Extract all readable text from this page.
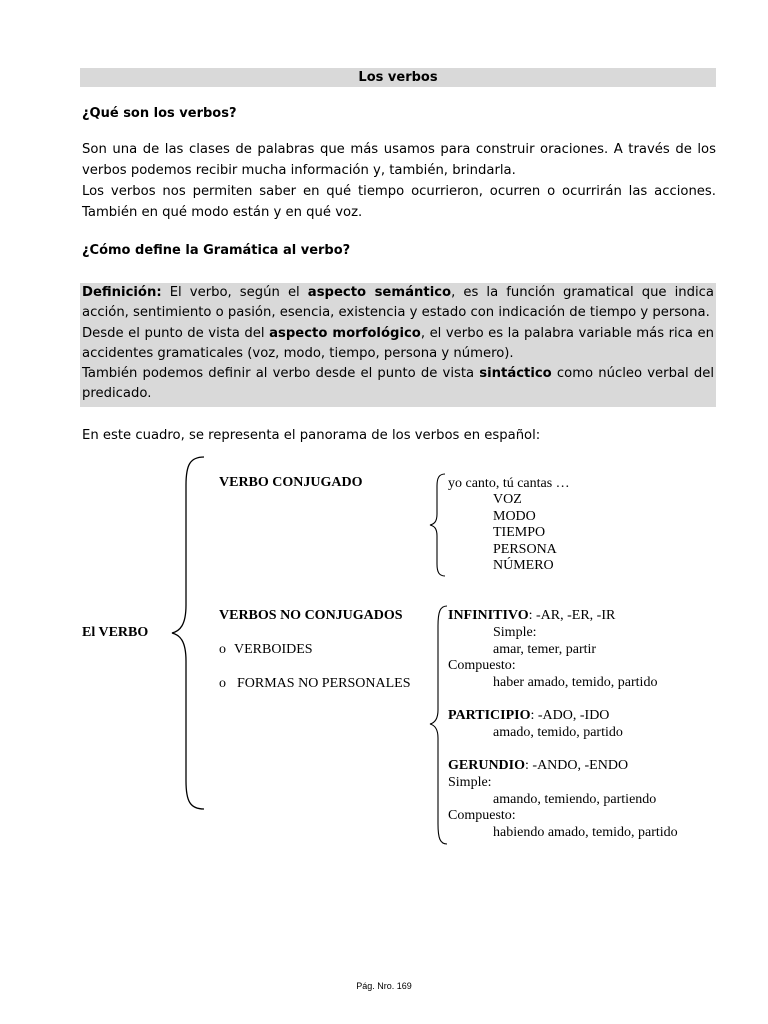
Los verbos
¿Qué son los verbos?

Son una de las clases de palabras que más usamos para construir oraciones. A través de los verbos podemos recibir mucha información y, también, brindarla.

Los verbos nos permiten saber en qué tiempo ocurrieron, ocurren o ocurrirán las acciones. También en qué modo están y en qué voz.

¿Cómo define la Gramática al verbo?

Definición: El verbo, según el aspecto semántico, es la función gramatical que indica acción, sentimiento o pasión, esencia, existencia y estado con indicación de tiempo y persona.

Desde el punto de vista del aspecto morfológico, el verbo es la palabra variable más rica en accidentes gramaticales (voz, modo, tiempo, persona y número).

También podemos definir al verbo desde el punto de vista sintáctico como núcleo verbal del predicado.

En este cuadro, se representa el panorama de los verbos en español:
El VERBO
VERBO CONJUGADO	yo canto, tú cantas …
VOZ
MODO
TIEMPO
PERSONA
NÚMERO
VERBOS NO CONJUGADOS
o VERBOIDES
o FORMAS NO PERSONALES
INFINITIVO: -AR, -ER, -IR
Simple:
amar, temer, partir
Compuesto:
haber amado, temido, partido
PARTICIPIO: -ADO, -IDO
amado, temido, partido
GERUNDIO: -ANDO, -ENDO
Simple:
amando, temiendo, partiendo
Compuesto:
habiendo amado, temido, partido
Pág. Nro. 169
